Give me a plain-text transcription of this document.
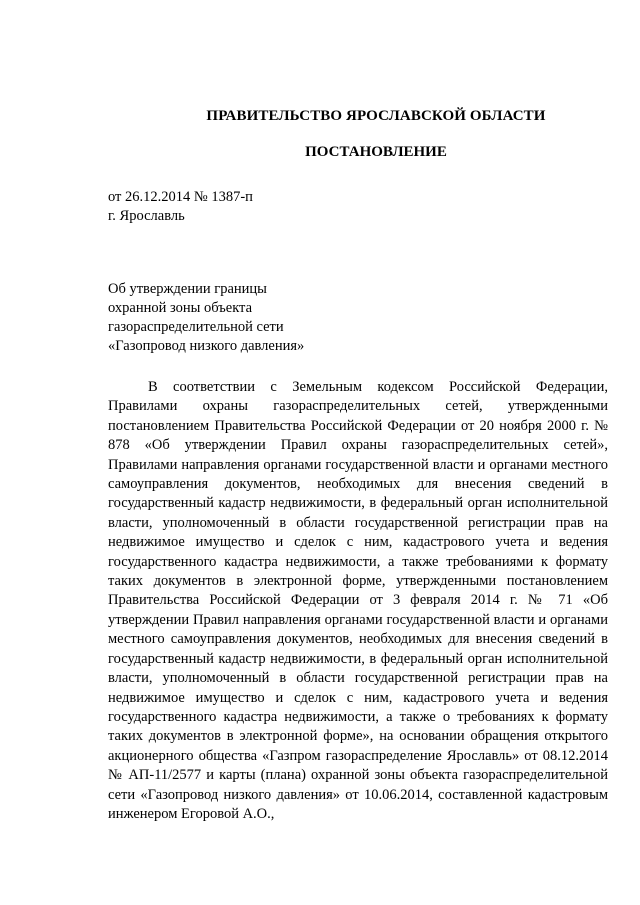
ПРАВИТЕЛЬСТВО ЯРОСЛАВСКОЙ ОБЛАСТИ
ПОСТАНОВЛЕНИЕ
от 26.12.2014 № 1387-п
г. Ярославль
Об утверждении границы
охранной зоны объекта
газораспределительной сети
«Газопровод низкого давления»

В соответствии с Земельным кодексом Российской Федерации, Правилами охраны газораспределительных сетей, утвержденными постановлением Правительства Российской Федерации от 20 ноября 2000 г. № 878 «Об утверждении Правил охраны газораспределительных сетей», Правилами направления органами государственной власти и органами местного самоуправления документов, необходимых для внесения сведений в государственный кадастр недвижимости, в федеральный орган исполнительной власти, уполномоченный в области государственной регистрации прав на недвижимое имущество и сделок с ним, кадастрового учета и ведения государственного кадастра недвижимости, а также требованиями к формату таких документов в электронной форме, утвержденными постановлением Правительства Российской Федерации от 3 февраля 2014 г. № 71 «Об утверждении Правил направления органами государственной власти и органами местного самоуправления документов, необходимых для внесения сведений в государственный кадастр недвижимости, в федеральный орган исполнительной власти, уполномоченный в области государственной регистрации прав на недвижимое имущество и сделок с ним, кадастрового учета и ведения государственного кадастра недвижимости, а также о требованиях к формату таких документов в электронной форме», на основании обращения открытого акционерного общества «Газпром газораспределение Ярославль» от 08.12.2014 № АП-11/2577 и карты (плана) охранной зоны объекта газораспределительной сети «Газопровод низкого давления» от 10.06.2014, составленной кадастровым инженером Егоровой А.О.,
